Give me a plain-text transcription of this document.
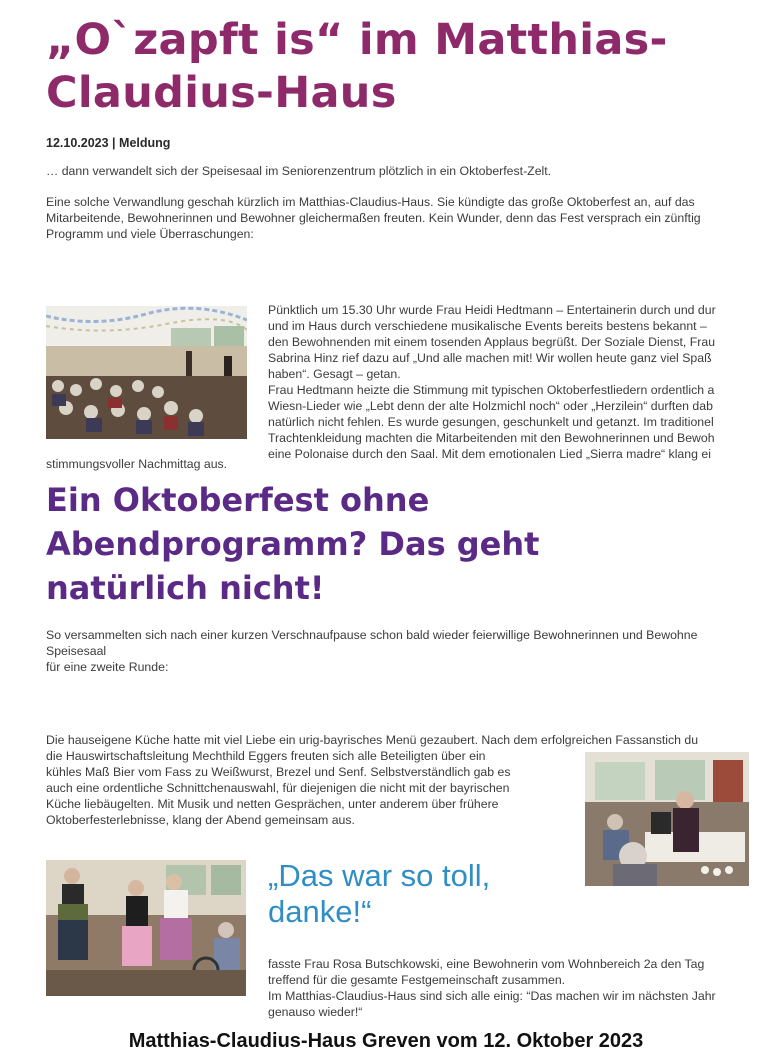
„O`zapft is“ im Matthias-
Claudius-Haus
12.10.2023 | Meldung
… dann verwandelt sich der Speisesaal im Seniorenzentrum plötzlich in ein Oktoberfest-Zelt.
Eine solche Verwandlung geschah kürzlich im Matthias-Claudius-Haus. Sie kündigte das große Oktoberfest an, auf das
Mitarbeitende, Bewohnerinnen und Bewohner gleichermaßen freuten. Kein Wunder, denn das Fest versprach ein zünftig
Programm und viele Überraschungen:
Pünktlich um 15.30 Uhr wurde Frau Heidi Hedtmann – Entertainerin durch und dur
und im Haus durch verschiedene musikalische Events bereits bestens bekannt –
den Bewohnenden mit einem tosenden Applaus begrüßt. Der Soziale Dienst, Frau
Sabrina Hinz rief dazu auf „Und alle machen mit! Wir wollen heute ganz viel Spaß
haben“. Gesagt – getan.
Frau Hedtmann heizte die Stimmung mit typischen Oktoberfestliedern ordentlich a
Wiesn-Lieder wie „Lebt denn der alte Holzmichl noch“ oder „Herzilein“ durften dab
natürlich nicht fehlen. Es wurde gesungen, geschunkelt und getanzt. Im traditionel
Trachtenkleidung machten die Mitarbeitenden mit den Bewohnerinnen und Bewoh
eine Polonaise durch den Saal. Mit dem emotionalen Lied „Sierra madre“ klang ei
stimmungsvoller Nachmittag aus.
Ein Oktoberfest ohne
Abendprogramm? Das geht
natürlich nicht!
So versammelten sich nach einer kurzen Verschnaufpause schon bald wieder feierwillige Bewohnerinnen und Bewohne
Speisesaal
für eine zweite Runde:
Die hauseigene Küche hatte mit viel Liebe ein urig-bayrisches Menü gezaubert. Nach dem erfolgreichen Fassanstich du
die Hauswirtschaftsleitung Mechthild Eggers freuten sich alle Beteiligten über ein
kühles Maß Bier vom Fass zu Weißwurst, Brezel und Senf. Selbstverständlich gab es
auch eine ordentliche Schnittchenauswahl, für diejenigen die nicht mit der bayrischen
Küche liebäugelten. Mit Musik und netten Gesprächen, unter anderem über frühere
Oktoberfesterlebnisse, klang der Abend gemeinsam aus.
„Das war so toll,
danke!“
fasste Frau Rosa Butschkowski, eine Bewohnerin vom Wohnbereich 2a den Tag
treffend für die gesamte Festgemeinschaft zusammen.
Im Matthias-Claudius-Haus sind sich alle einig: “Das machen wir im nächsten Jahr
genauso wieder!“
Matthias-Claudius-Haus Greven vom 12. Oktober 2023
